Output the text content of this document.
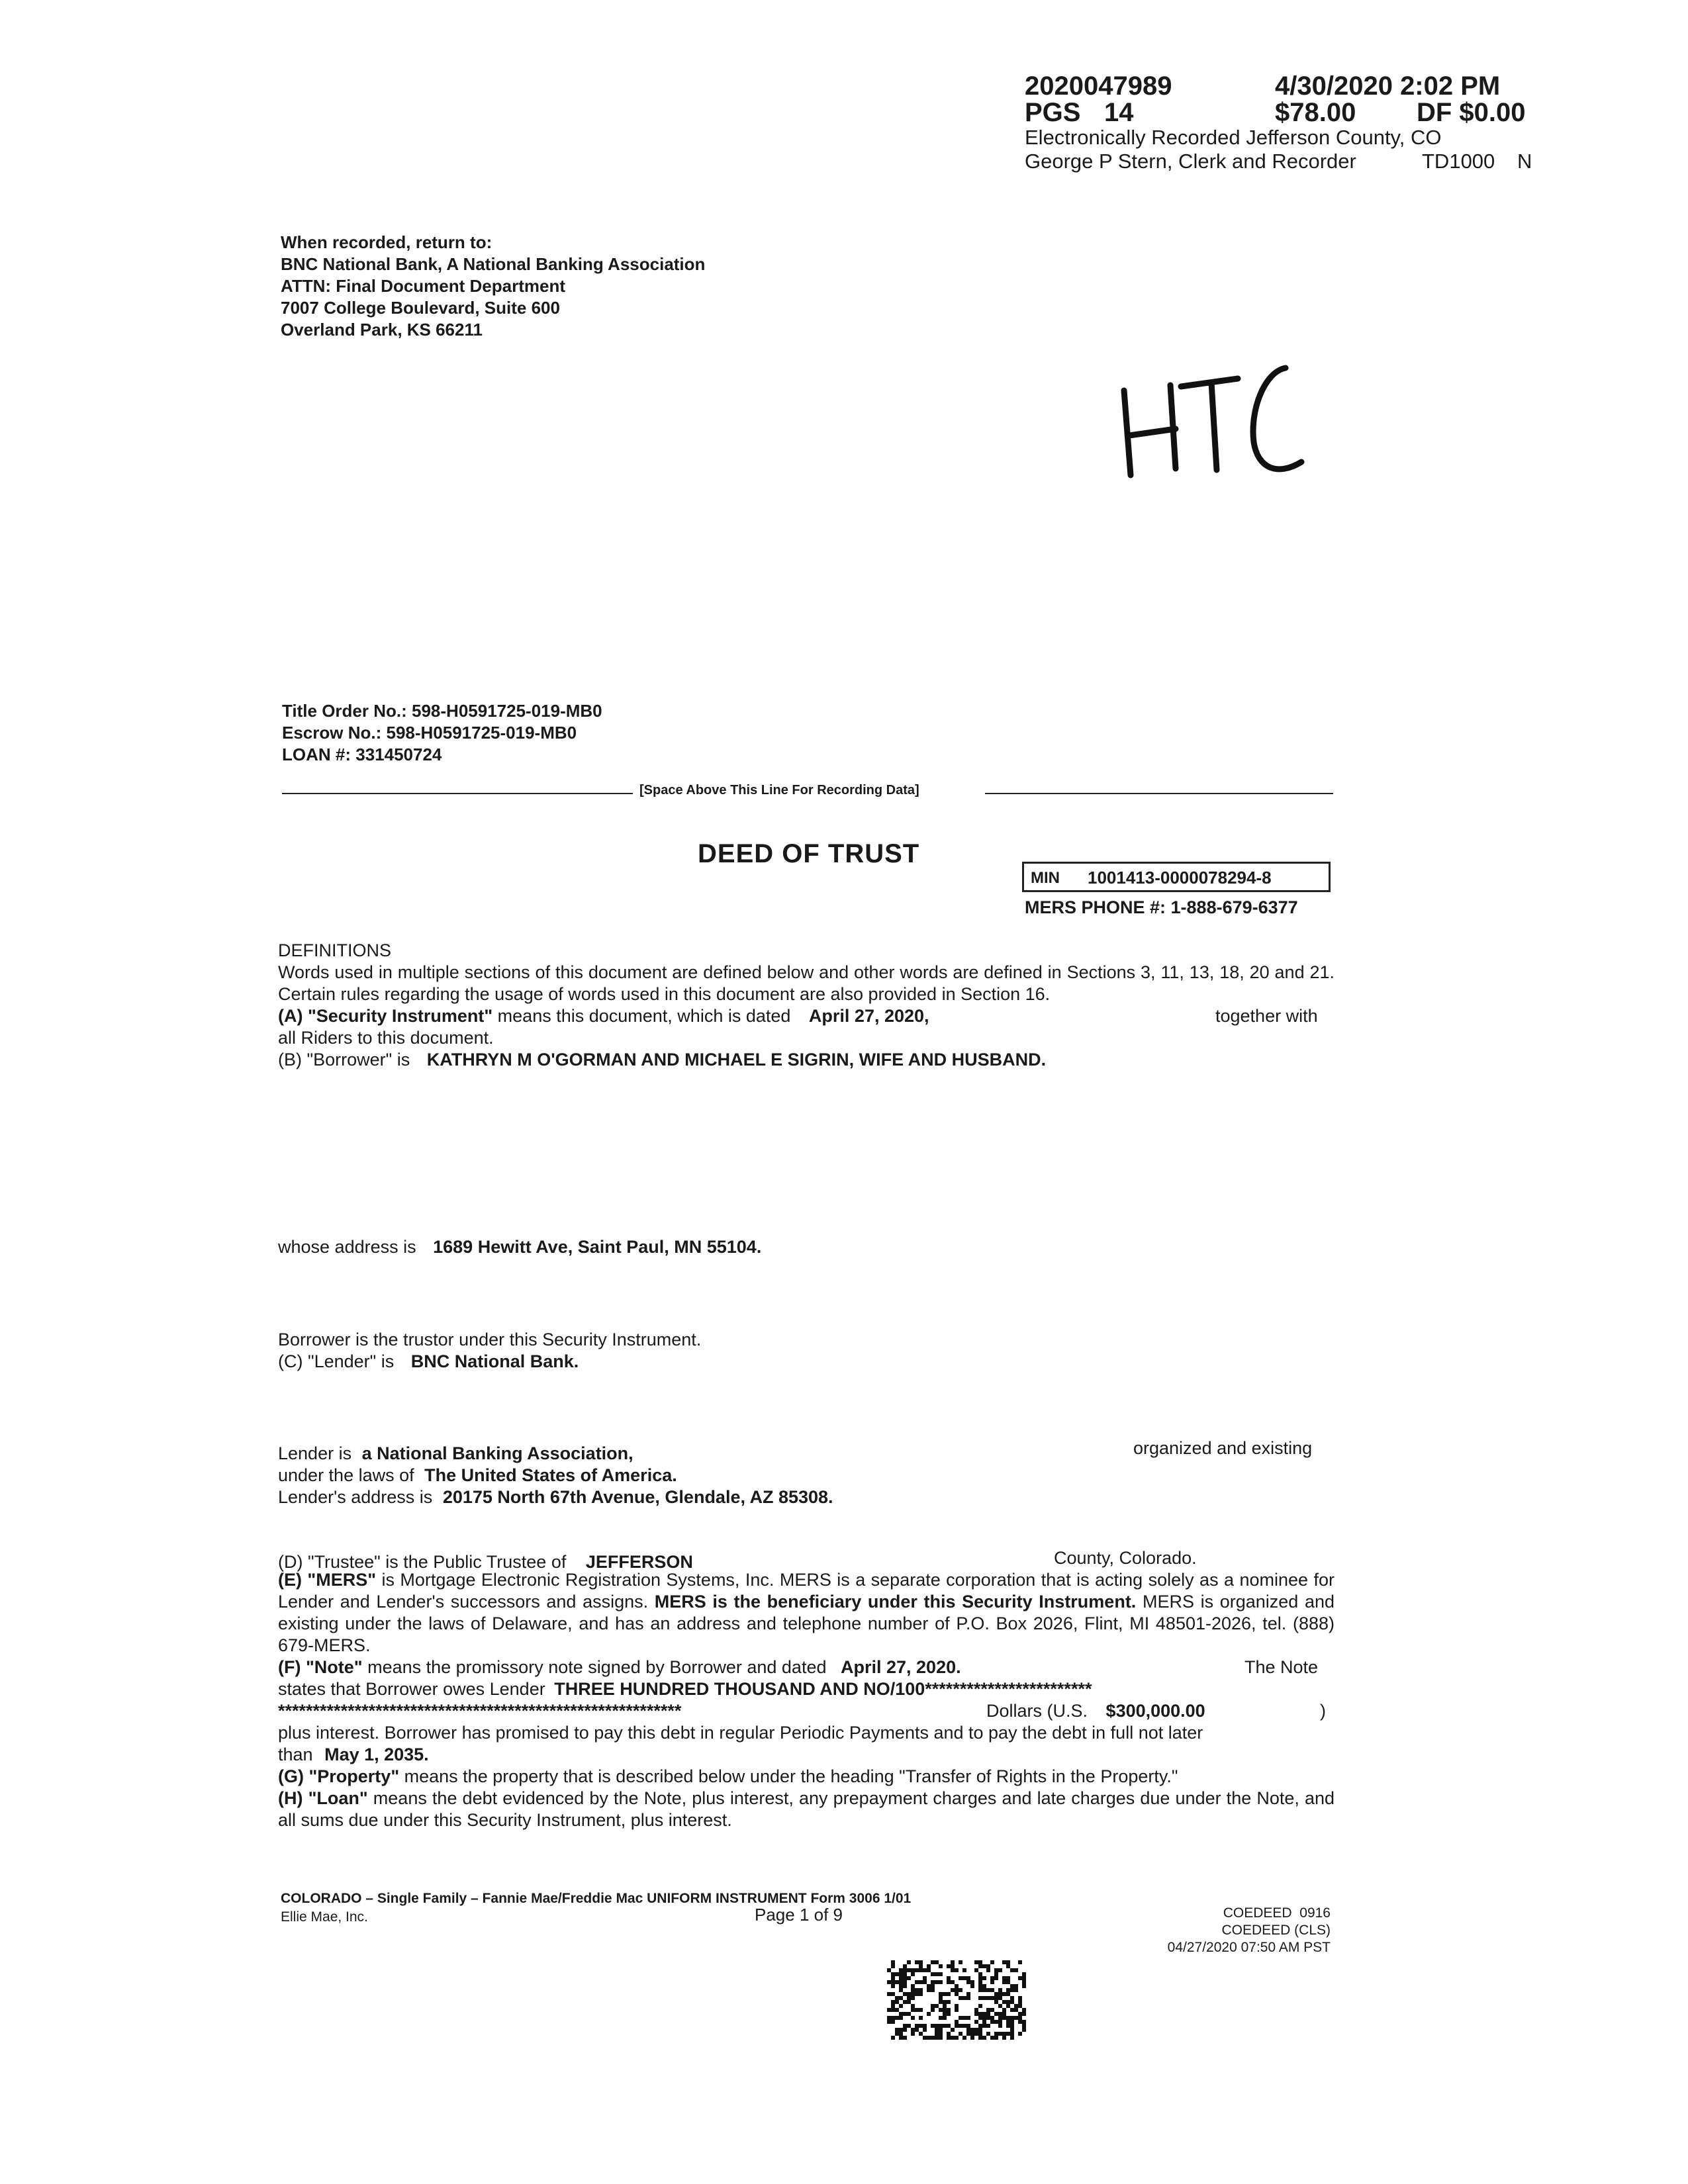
2020047989	4/30/2020 2:02 PM
PGS 14	$78.00 DF $0.00
Electronically Recorded Jefferson County, CO
George P Stern, Clerk and Recorder	TD1000 N
When recorded, return to:
BNC National Bank, A National Banking Association
ATTN: Final Document Department
7007 College Boulevard, Suite 600
Overland Park, KS 66211
Title Order No.: 598-H0591725-019-MB0
Escrow No.: 598-H0591725-019-MB0
LOAN #: 331450724
[Space Above This Line For Recording Data]
DEED OF TRUST
MIN 1001413-0000078294-8
MERS PHONE #: 1-888-679-6377
DEFINITIONS
Words used in multiple sections of this document are defined below and other words are defined in Sections 3, 11, 13, 18, 20 and 21. Certain rules regarding the usage of words used in this document are also provided in Section 16.
(A) "Security Instrument" means this document, which is dated April 27, 2020,	together with
all Riders to this document.
(B) "Borrower" is KATHRYN M O'GORMAN AND MICHAEL E SIGRIN, WIFE AND HUSBAND.
whose address is 1689 Hewitt Ave, Saint Paul, MN 55104.
Borrower is the trustor under this Security Instrument.
(C) "Lender" is BNC National Bank.
Lender is a National Banking Association,	organized and existing
under the laws of The United States of America.
Lender's address is 20175 North 67th Avenue, Glendale, AZ 85308.
(D) "Trustee" is the Public Trustee of JEFFERSON	County, Colorado.
(E) "MERS" is Mortgage Electronic Registration Systems, Inc. MERS is a separate corporation that is acting solely as a nominee for Lender and Lender's successors and assigns. MERS is the beneficiary under this Security Instrument. MERS is organized and existing under the laws of Delaware, and has an address and telephone number of P.O. Box 2026, Flint, MI 48501-2026, tel. (888) 679-MERS.
(F) "Note" means the promissory note signed by Borrower and dated April 27, 2020.	The Note
states that Borrower owes Lender THREE HUNDRED THOUSAND AND NO/100************************
**********************************************************	Dollars (U.S. $300,000.00	)
plus interest. Borrower has promised to pay this debt in regular Periodic Payments and to pay the debt in full not later
than May 1, 2035.
(G) "Property" means the property that is described below under the heading "Transfer of Rights in the Property."
(H) "Loan" means the debt evidenced by the Note, plus interest, any prepayment charges and late charges due under the Note, and all sums due under this Security Instrument, plus interest.
COLORADO – Single Family – Fannie Mae/Freddie Mac UNIFORM INSTRUMENT Form 3006 1/01
Ellie Mae, Inc.	Page 1 of 9	COEDEED  0916
COEDEED (CLS)
04/27/2020 07:50 AM PST
